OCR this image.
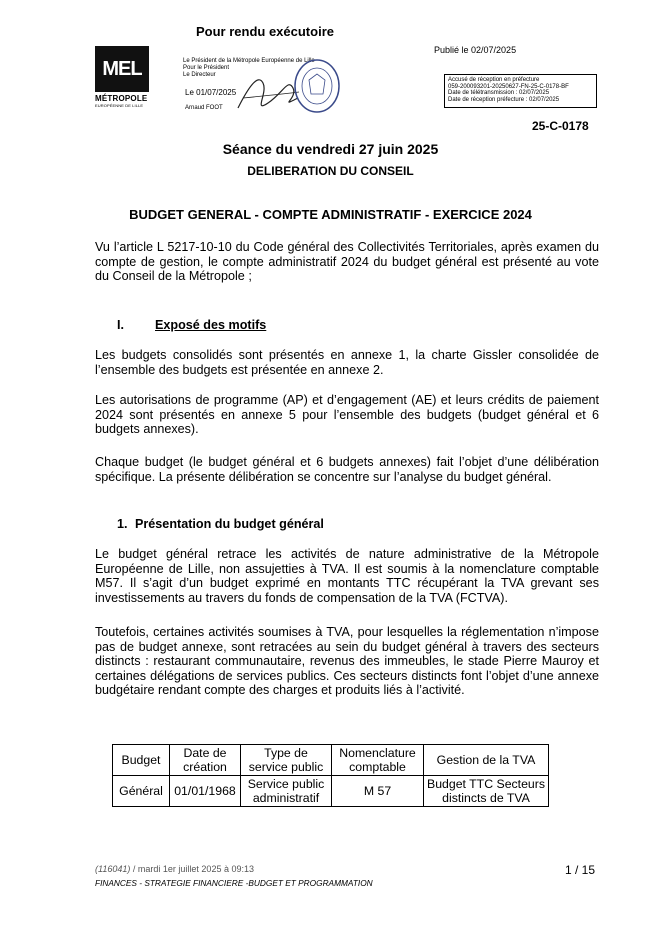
Pour rendu exécutoire
Publié le 02/07/2025
MEL
MÉTROPOLE
EUROPÉENNE DE LILLE
Le Président de la Métropole Européenne de Lille
Pour le Président
Le Directeur
Le 01/07/2025
Arnaud FOOT
Accusé de réception en préfecture
059-200093201-20250627-FN-25-C-0178-BF
Date de télétransmission : 02/07/2025
Date de réception préfecture : 02/07/2025
25-C-0178
Séance du vendredi 27 juin 2025
DELIBERATION DU CONSEIL
BUDGET GENERAL - COMPTE ADMINISTRATIF - EXERCICE 2024
Vu l’article L 5217-10-10 du Code général des Collectivités Territoriales, après examen du compte de gestion, le compte administratif 2024 du budget général est présenté au vote du Conseil de la Métropole ;
I. Exposé des motifs
Les budgets consolidés sont présentés en annexe 1, la charte Gissler consolidée de l’ensemble des budgets est présentée en annexe 2.
Les autorisations de programme (AP) et d’engagement (AE) et leurs crédits de paiement 2024 sont présentés en annexe 5 pour l’ensemble des budgets (budget général et 6 budgets annexes).
Chaque budget (le budget général et 6 budgets annexes) fait l’objet d’une délibération spécifique. La présente délibération se concentre sur l’analyse du budget général.
1. Présentation du budget général
Le budget général retrace les activités de nature administrative de la Métropole Européenne de Lille, non assujetties à TVA. Il est soumis à la nomenclature comptable M57. Il s’agit d’un budget exprimé en montants TTC récupérant la TVA grevant ses investissements au travers du fonds de compensation de la TVA (FCTVA).
Toutefois, certaines activités soumises à TVA, pour lesquelles la réglementation n’impose pas de budget annexe, sont retracées au sein du budget général à travers des secteurs distincts : restaurant communautaire, revenus des immeubles, le stade Pierre Mauroy et certaines délégations de services publics. Ces secteurs distincts font l’objet d’une annexe budgétaire rendant compte des charges et produits liés à l’activité.
Budget	Date de création	Type de service public	Nomenclature comptable	Gestion de la TVA
Général	01/01/1968	Service public administratif	M 57	Budget TTC Secteurs distincts de TVA
(116041) / mardi 1er juillet 2025 à 09:13
FINANCES - STRATEGIE FINANCIERE -BUDGET ET PROGRAMMATION
1 / 15
